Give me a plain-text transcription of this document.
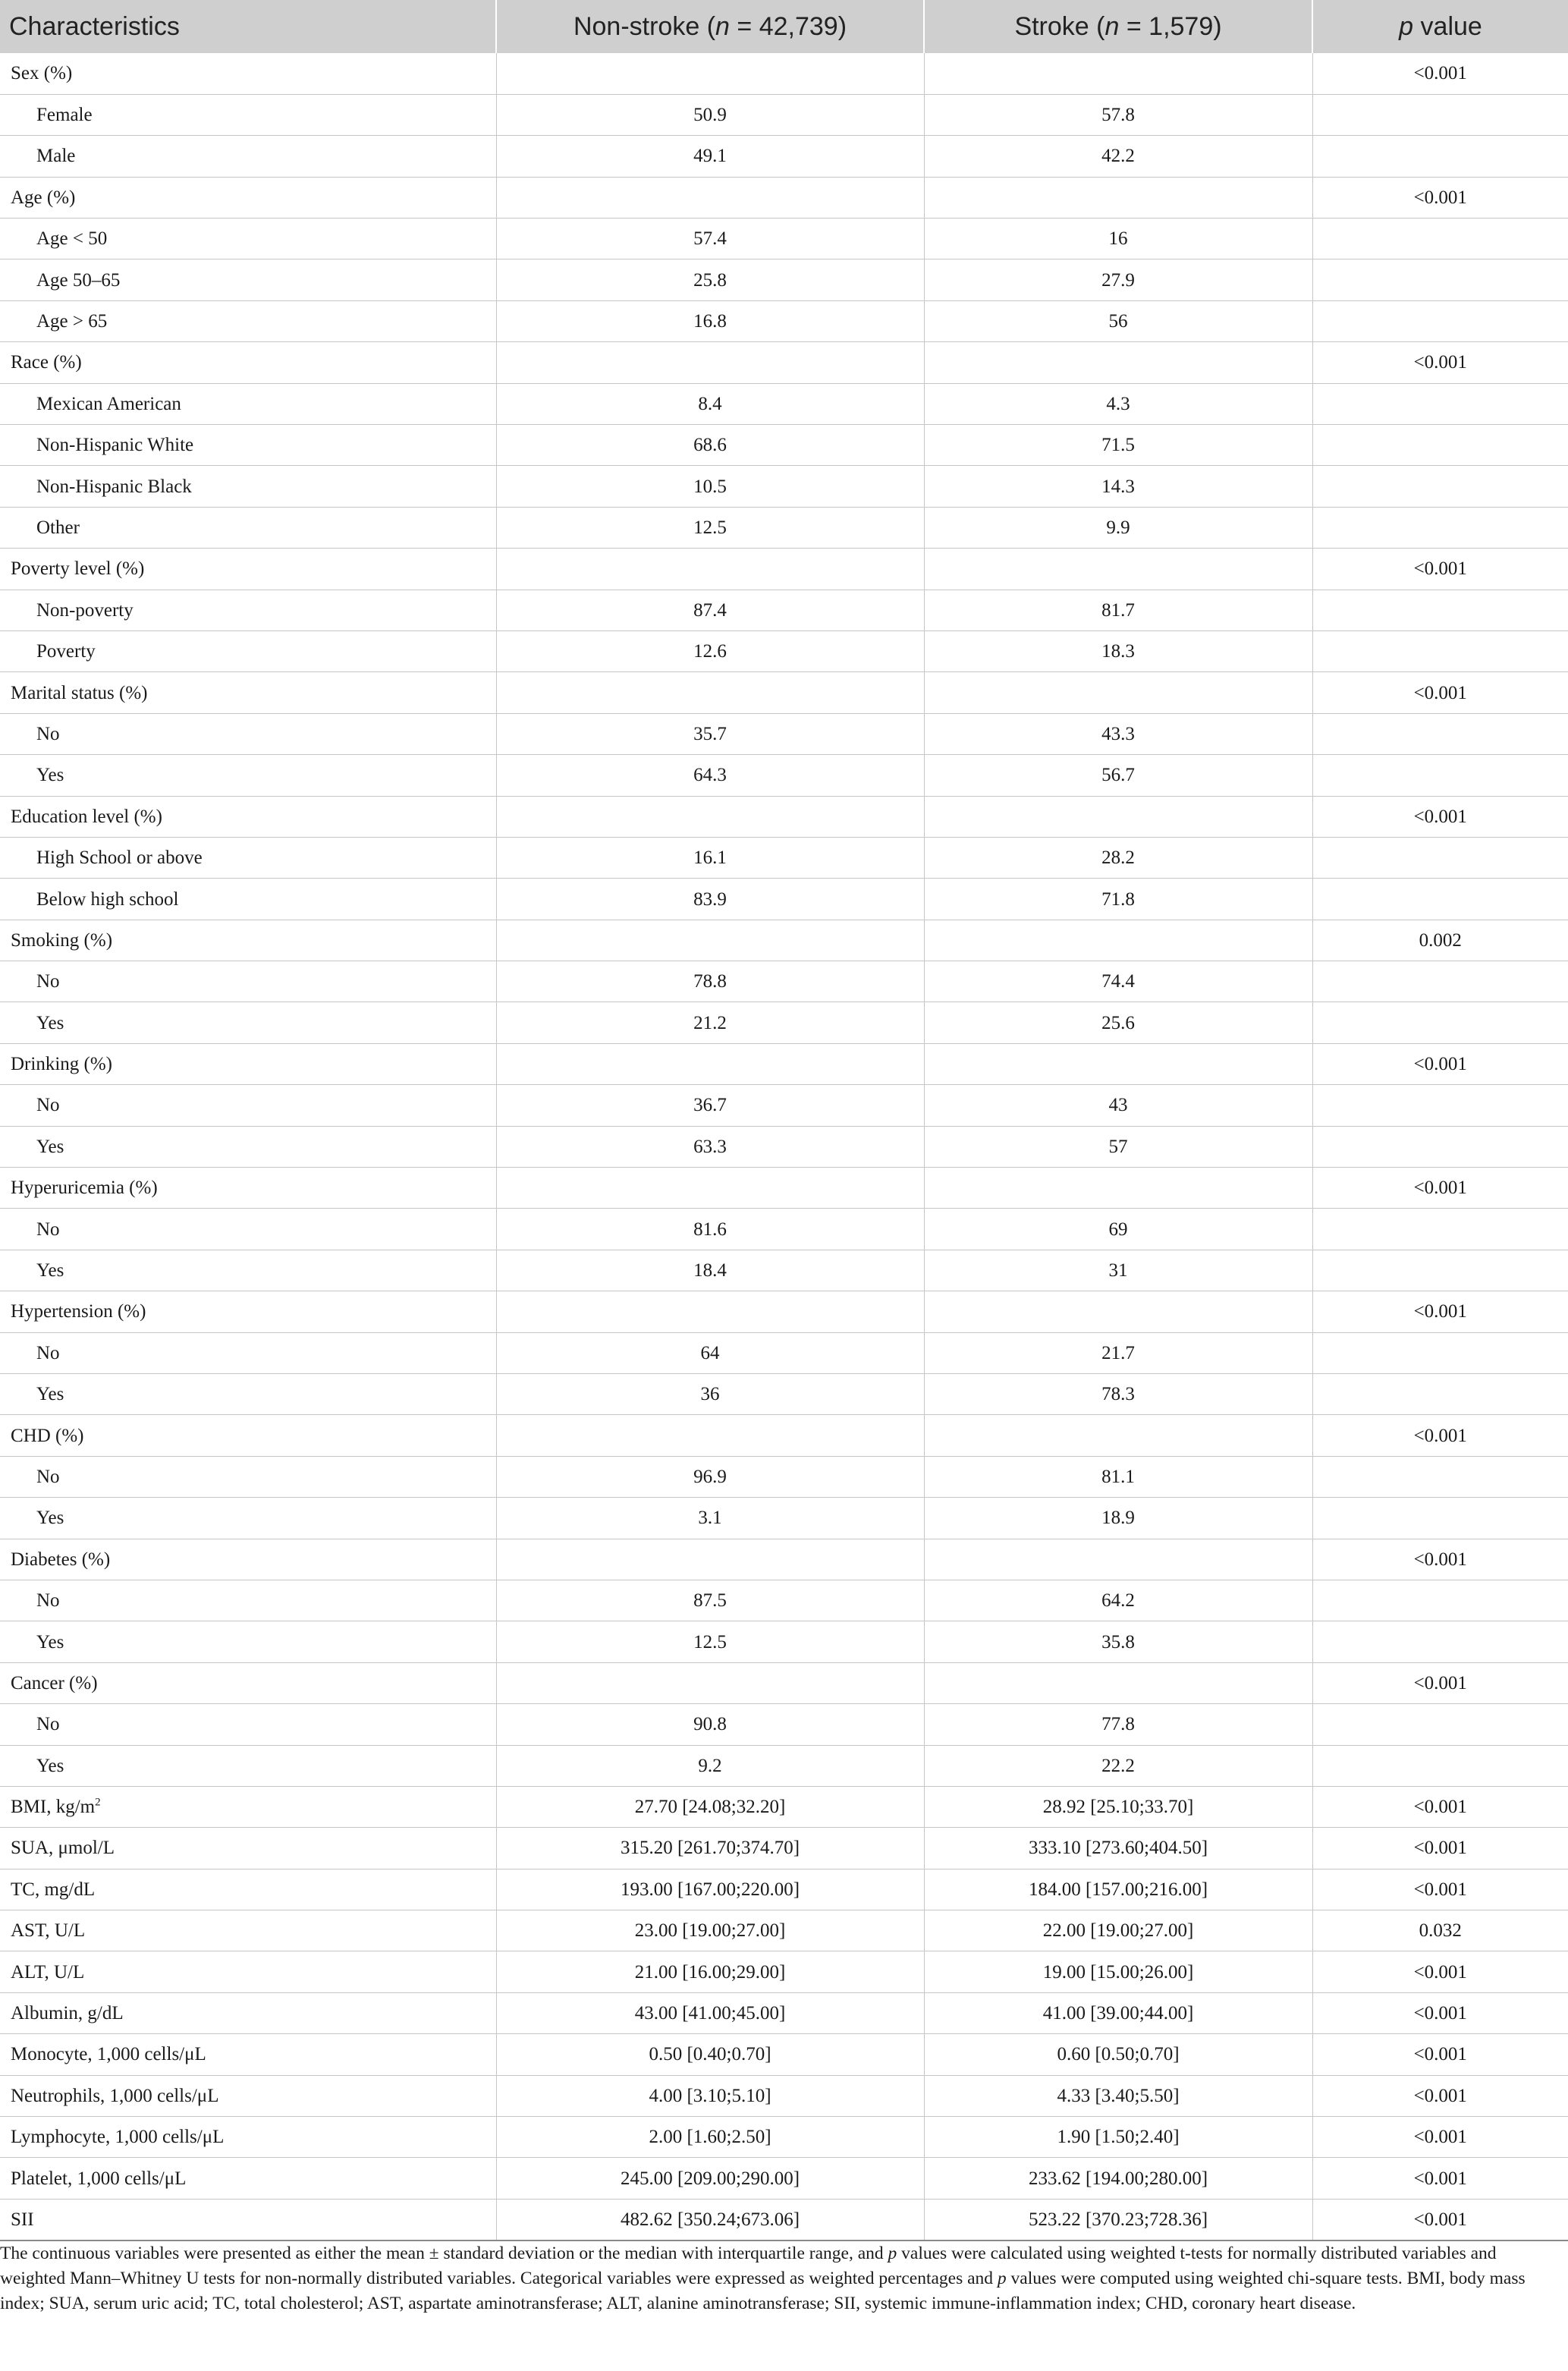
Characteristics	Non-stroke (n = 42,739)	Stroke (n = 1,579)	p value
Sex (%)			<0.001
Female	50.9	57.8	
Male	49.1	42.2	
Age (%)			<0.001
Age < 50	57.4	16	
Age 50–65	25.8	27.9	
Age > 65	16.8	56	
Race (%)			<0.001
Mexican American	8.4	4.3	
Non-Hispanic White	68.6	71.5	
Non-Hispanic Black	10.5	14.3	
Other	12.5	9.9	
Poverty level (%)			<0.001
Non-poverty	87.4	81.7	
Poverty	12.6	18.3	
Marital status (%)			<0.001
No	35.7	43.3	
Yes	64.3	56.7	
Education level (%)			<0.001
High School or above	16.1	28.2	
Below high school	83.9	71.8	
Smoking (%)			0.002
No	78.8	74.4	
Yes	21.2	25.6	
Drinking (%)			<0.001
No	36.7	43	
Yes	63.3	57	
Hyperuricemia (%)			<0.001
No	81.6	69	
Yes	18.4	31	
Hypertension (%)			<0.001
No	64	21.7	
Yes	36	78.3	
CHD (%)			<0.001
No	96.9	81.1	
Yes	3.1	18.9	
Diabetes (%)			<0.001
No	87.5	64.2	
Yes	12.5	35.8	
Cancer (%)			<0.001
No	90.8	77.8	
Yes	9.2	22.2	
BMI, $kg/m^2$	27.70 [24.08;32.20]	28.92 [25.10;33.70]	<0.001
SUA, μmol/L	315.20 [261.70;374.70]	333.10 [273.60;404.50]	<0.001
TC, mg/dL	193.00 [167.00;220.00]	184.00 [157.00;216.00]	<0.001
AST, U/L	23.00 [19.00;27.00]	22.00 [19.00;27.00]	0.032
ALT, U/L	21.00 [16.00;29.00]	19.00 [15.00;26.00]	<0.001
Albumin, g/dL	43.00 [41.00;45.00]	41.00 [39.00;44.00]	<0.001
Monocyte, 1,000 cells/μL	0.50 [0.40;0.70]	0.60 [0.50;0.70]	<0.001
Neutrophils, 1,000 cells/μL	4.00 [3.10;5.10]	4.33 [3.40;5.50]	<0.001
Lymphocyte, 1,000 cells/μL	2.00 [1.60;2.50]	1.90 [1.50;2.40]	<0.001
Platelet, 1,000 cells/μL	245.00 [209.00;290.00]	233.62 [194.00;280.00]	<0.001
SII	482.62 [350.24;673.06]	523.22 [370.23;728.36]	<0.001

The continuous variables were presented as either the mean ± standard deviation or the median with interquartile range, and p values were calculated using weighted t-tests for normally distributed variables and weighted Mann–Whitney U tests for non-normally distributed variables. Categorical variables were expressed as weighted percentages and p values were computed using weighted chi-square tests. BMI, body mass index; SUA, serum uric acid; TC, total cholesterol; AST, aspartate aminotransferase; ALT, alanine aminotransferase; SII, systemic immune-inflammation index; CHD, coronary heart disease.
